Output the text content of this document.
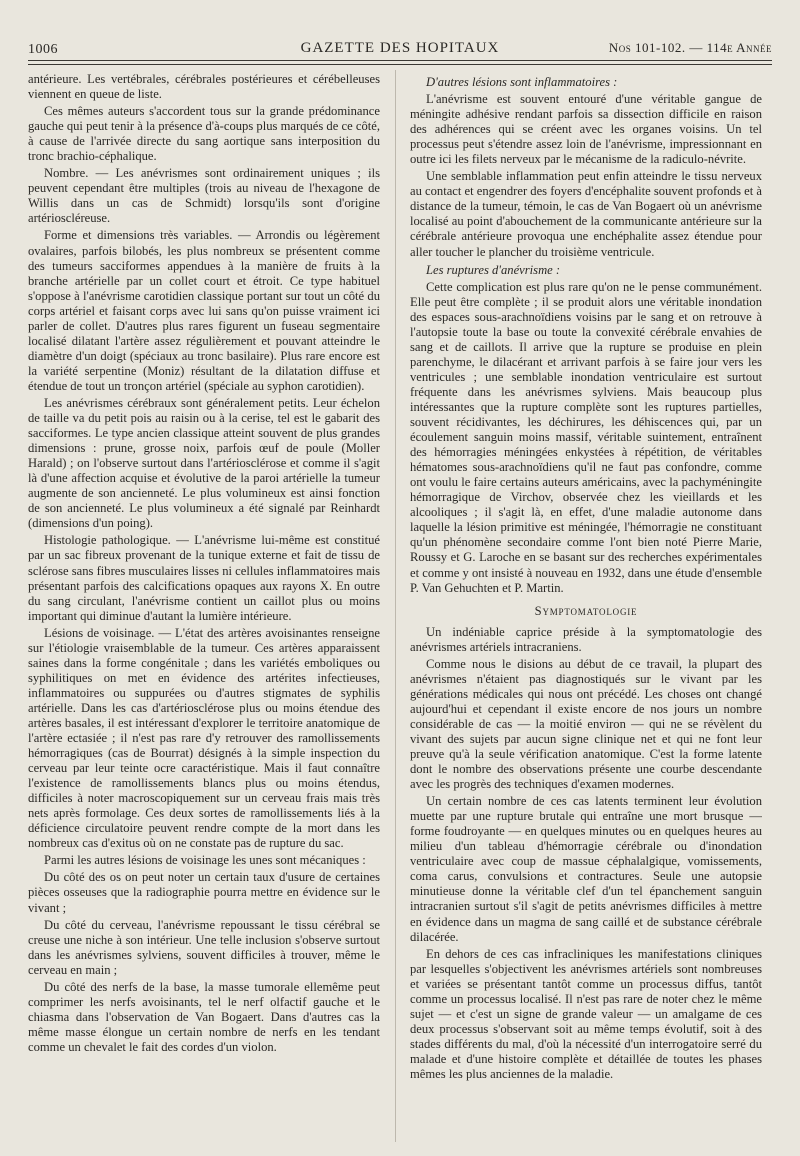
1006	GAZETTE DES HOPITAUX	Nos 101-102. — 114e Année

antérieure. Les vertébrales, cérébrales postérieures et cérébelleuses viennent en queue de liste.

Ces mêmes auteurs s'accordent tous sur la grande prédominance gauche qui peut tenir à la présence d'à-coups plus marqués de ce côté, à cause de l'arrivée directe du sang aortique sans interposition du tronc brachio-céphalique.

Nombre. — Les anévrismes sont ordinairement uniques ; ils peuvent cependant être multiples (trois au niveau de l'hexagone de Willis dans un cas de Schmidt) lorsqu'ils sont d'origine artérioscléreuse.

Forme et dimensions très variables. — Arrondis ou légèrement ovalaires, parfois bilobés, les plus nombreux se présentent comme des tumeurs sacciformes appendues à la manière de fruits à la branche artérielle par un collet court et étroit. Ce type habituel s'oppose à l'anévrisme carotidien classique portant sur tout un côté du corps artériel et faisant corps avec lui sans qu'on puisse vraiment ici parler de collet. D'autres plus rares figurent un fuseau segmentaire localisé dilatant l'artère assez régulièrement et pouvant atteindre le diamètre d'un doigt (spéciaux au tronc basilaire). Plus rare encore est la variété serpentine (Moniz) résultant de la dilatation diffuse et étendue de tout un tronçon artériel (spéciale au syphon carotidien).

Les anévrismes cérébraux sont généralement petits. Leur échelon de taille va du petit pois au raisin ou à la cerise, tel est le gabarit des sacciformes. Le type ancien classique atteint souvent de plus grandes dimensions : prune, grosse noix, parfois œuf de poule (Moller Harald) ; on l'observe surtout dans l'artériosclérose et comme il s'agit là d'une affection acquise et évolutive de la paroi artérielle la tumeur augmente de son ancienneté. Le plus volumineux est ainsi fonction de son ancienneté. Le plus volumineux a été signalé par Reinhardt (dimensions d'un poing).

Histologie pathologique. — L'anévrisme lui-même est constitué par un sac fibreux provenant de la tunique externe et fait de tissu de sclérose sans fibres musculaires lisses ni cellules inflammatoires mais présentant parfois des calcifications opaques aux rayons X. En outre du sang circulant, l'anévrisme contient un caillot plus ou moins important qui diminue d'autant la lumière intérieure.

Lésions de voisinage. — L'état des artères avoisinantes renseigne sur l'étiologie vraisemblable de la tumeur. Ces artères apparaissent saines dans la forme congénitale ; dans les variétés emboliques ou syphilitiques on met en évidence des artérites infectieuses, inflammatoires ou suppurées ou d'autres stigmates de syphilis artérielle. Dans les cas d'artériosclérose plus ou moins étendue des artères basales, il est intéressant d'explorer le territoire anatomique de l'artère ectasiée ; il n'est pas rare d'y retrouver des ramollissements hémorragiques (cas de Bourrat) désignés à la simple inspection du cerveau par leur teinte ocre caractéristique. Mais il faut connaître l'existence de ramollissements blancs plus ou moins étendus, difficiles à noter macroscopiquement sur un cerveau frais mais très nets après formolage. Ces deux sortes de ramollissements liés à la déficience circulatoire peuvent rendre compte de la mort dans les nombreux cas d'exitus où on ne constate pas de rupture du sac.

Parmi les autres lésions de voisinage les unes sont mécaniques :

Du côté des os on peut noter un certain taux d'usure de certaines pièces osseuses que la radiographie pourra mettre en évidence sur le vivant ;

Du côté du cerveau, l'anévrisme repoussant le tissu cérébral se creuse une niche à son intérieur. Une telle inclusion s'observe surtout dans les anévrismes sylviens, souvent difficiles à trouver, même le cerveau en main ;

Du côté des nerfs de la base, la masse tumorale ellemême peut comprimer les nerfs avoisinants, tel le nerf olfactif gauche et le chiasma dans l'observation de Van Bogaert. Dans d'autres cas la même masse élongue un certain nombre de nerfs en les tendant comme un chevalet le fait des cordes d'un violon.

D'autres lésions sont inflammatoires :

L'anévrisme est souvent entouré d'une véritable gangue de méningite adhésive rendant parfois sa dissection difficile en raison des adhérences qui se créent avec les organes voisins. Un tel processus peut s'étendre assez loin de l'anévrisme, impressionnant en outre ici les filets nerveux par le mécanisme de la radiculo-névrite.

Une semblable inflammation peut enfin atteindre le tissu nerveux au contact et engendrer des foyers d'encéphalite souvent profonds et à distance de la tumeur, témoin, le cas de Van Bogaert où un anévrisme localisé au point d'abouchement de la communicante antérieure sur la cérébrale antérieure provoqua une enchéphalite assez étendue pour aller toucher le plancher du troisième ventricule.

Les ruptures d'anévrisme :

Cette complication est plus rare qu'on ne le pense communément. Elle peut être complète ; il se produit alors une véritable inondation des espaces sous-arachnoïdiens voisins par le sang et on retrouve à l'autopsie toute la base ou toute la convexité cérébrale envahies de sang et de caillots. Il arrive que la rupture se produise en plein parenchyme, le dilacérant et arrivant parfois à se faire jour vers les ventricules ; une semblable inondation ventriculaire est surtout fréquente dans les anévrismes sylviens. Mais beaucoup plus intéressantes que la rupture complète sont les ruptures partielles, souvent récidivantes, les déchirures, les déhiscences qui, par un écoulement sanguin moins massif, véritable suintement, entraînent des hémorragies méningées enkystées à répétition, de véritables hématomes sous-arachnoïdiens qu'il ne faut pas confondre, comme ont voulu le faire certains auteurs américains, avec la pachyméningite hémorragique de Virchov, observée chez les vieillards et les alcooliques ; il s'agit là, en effet, d'une maladie autonome dans laquelle la lésion primitive est méningée, l'hémorragie ne constituant qu'un phénomène secondaire comme l'ont bien noté Pierre Marie, Roussy et G. Laroche en se basant sur des recherches expérimentales et comme y ont insisté à nouveau en 1932, dans une étude d'ensemble P. Van Gehuchten et P. Martin.

Symptomatologie

Un indéniable caprice préside à la symptomatologie des anévrismes artériels intracraniens.

Comme nous le disions au début de ce travail, la plupart des anévrismes n'étaient pas diagnostiqués sur le vivant par les générations médicales qui nous ont précédé. Les choses ont changé aujourd'hui et cependant il existe encore de nos jours un nombre considérable de cas — la moitié environ — qui ne se révèlent du vivant des sujets par aucun signe clinique net et qui ne font leur preuve qu'à la seule vérification anatomique. C'est la forme latente dont le nombre des observations présente une courbe descendante avec les progrès des techniques d'examen modernes.

Un certain nombre de ces cas latents terminent leur évolution muette par une rupture brutale qui entraîne une mort brusque — forme foudroyante — en quelques minutes ou en quelques heures au milieu d'un tableau d'hémorragie cérébrale ou d'inondation ventriculaire avec coup de massue céphalalgique, vomissements, coma carus, convulsions et contractures. Seule une autopsie minutieuse donne la véritable clef d'un tel épanchement sanguin intracranien surtout s'il s'agit de petits anévrismes difficiles à mettre en évidence dans un magma de sang caillé et de substance cérébrale dilacérée.

En dehors de ces cas infracliniques les manifestations cliniques par lesquelles s'objectivent les anévrismes artériels sont nombreuses et variées se présentant tantôt comme un processus diffus, tantôt comme un processus localisé. Il n'est pas rare de noter chez le même sujet — et c'est un signe de grande valeur — un amalgame de ces deux processus s'observant soit au même temps évolutif, soit à des stades différents du mal, d'où la nécessité d'un interrogatoire serré du malade et d'une histoire complète et détaillée de toutes les phases mêmes les plus anciennes de la maladie.
